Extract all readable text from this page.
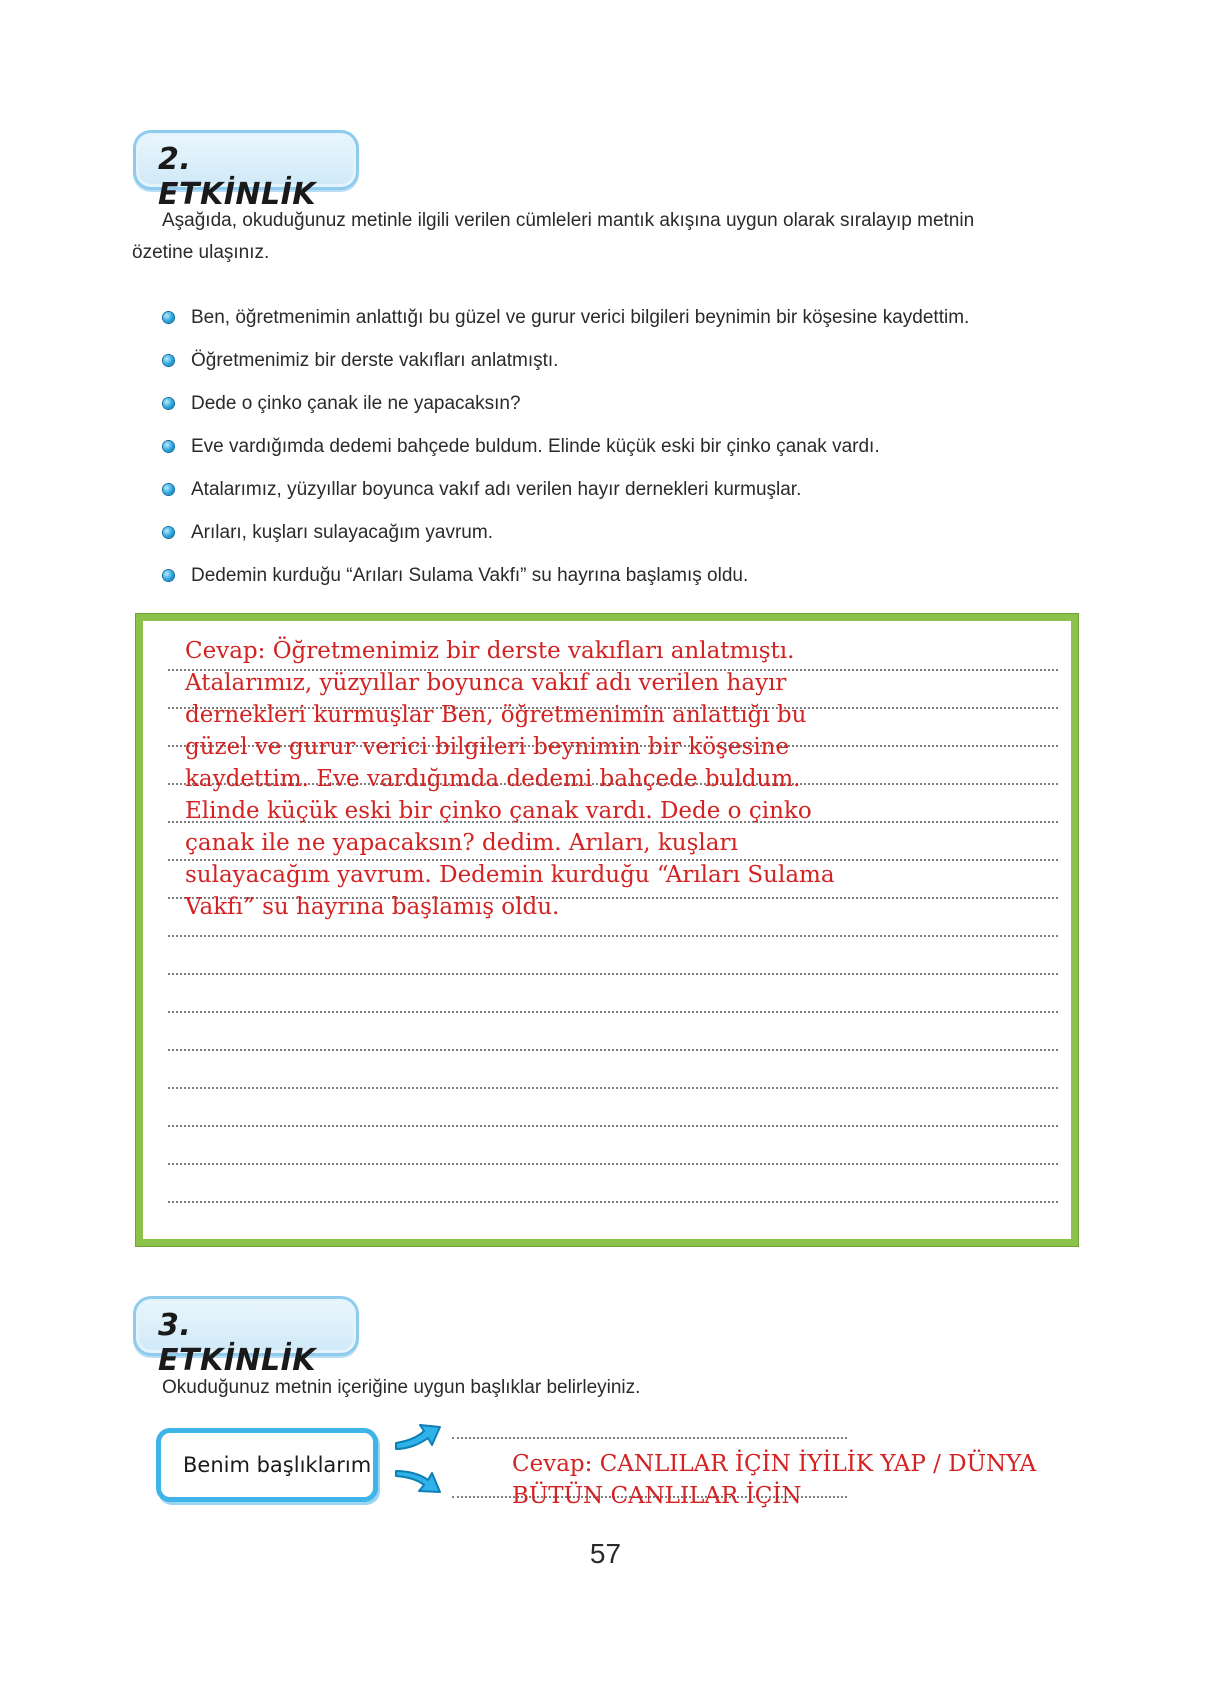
2. ETKİNLİK
Aşağıda, okuduğunuz metinle ilgili verilen cümleleri mantık akışına uygun olarak sıralayıp metnin
özetine ulaşınız.
Ben, öğretmenimin anlattığı bu güzel ve gurur verici bilgileri beynimin bir köşesine kaydettim.
Öğretmenimiz bir derste vakıfları anlatmıştı.
Dede o çinko çanak ile ne yapacaksın?
Eve vardığımda dedemi bahçede buldum. Elinde küçük eski bir çinko çanak vardı.
Atalarımız, yüzyıllar boyunca vakıf adı verilen hayır dernekleri kurmuşlar.
Arıları, kuşları sulayacağım yavrum.
Dedemin kurduğu “Arıları Sulama Vakfı” su hayrına başlamış oldu.

Cevap: Öğretmenimiz bir derste vakıfları anlatmıştı.

Atalarımız, yüzyıllar boyunca vakıf adı verilen hayır

dernekleri kurmuşlar Ben, öğretmenimin anlattığı bu

güzel ve gurur verici bilgileri beynimin bir köşesine

kaydettim. Eve vardığımda dedemi bahçede buldum.

Elinde küçük eski bir çinko çanak vardı. Dede o çinko

çanak ile ne yapacaksın? dedim. Arıları, kuşları

sulayacağım yavrum. Dedemin kurduğu “Arıları Sulama

Vakfı” su hayrına başlamış oldu.

3. ETKİNLİK
Okuduğunuz metnin içeriğine uygun başlıklar belirleyiniz.
Benim başlıklarım	Cevap: CANLILAR İÇİN İYİLİK YAP / DÜNYA

BÜTÜN CANLILAR İÇİN

57
